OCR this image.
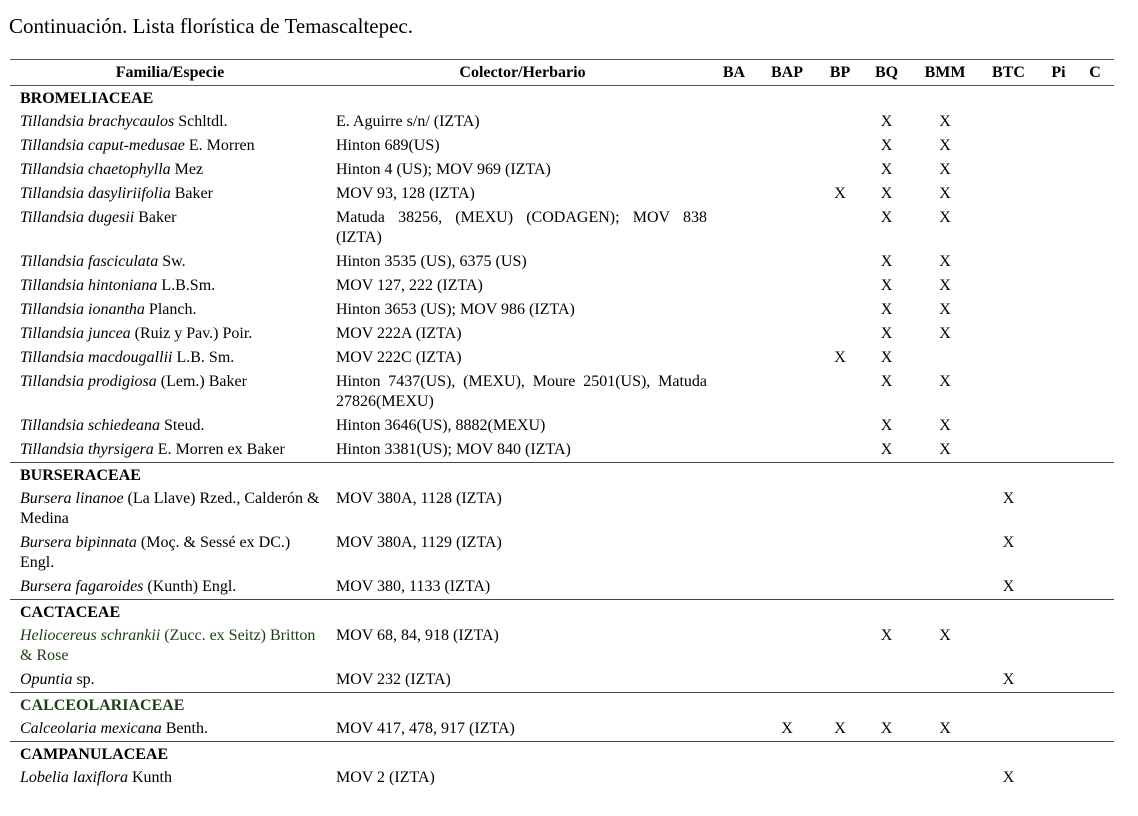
Continuación. Lista florística de Temascaltepec.
Familia/Especie	Colector/Herbario	BA	BAP	BP	BQ	BMM	BTC	Pi	C
BROMELIACEAE									
Tillandsia brachycaulos Schltdl.	E. Aguirre s/n/ (IZTA)				X	X			
Tillandsia caput-medusae E. Morren	Hinton 689(US)				X	X			
Tillandsia chaetophylla Mez	Hinton 4 (US); MOV 969 (IZTA)				X	X			
Tillandsia dasyliriifolia Baker	MOV 93, 128 (IZTA)			X	X	X			
Tillandsia dugesii Baker	Matuda 38256, (MEXU) (CODAGEN); MOV 838 (IZTA)				X	X			
Tillandsia fasciculata Sw.	Hinton 3535 (US), 6375 (US)				X	X			
Tillandsia hintoniana L.B.Sm.	MOV 127, 222 (IZTA)				X	X			
Tillandsia ionantha Planch.	Hinton 3653 (US); MOV 986 (IZTA)				X	X			
Tillandsia juncea (Ruiz y Pav.) Poir.	MOV 222A (IZTA)				X	X			
Tillandsia macdougallii L.B. Sm.	MOV 222C (IZTA)			X	X				
Tillandsia prodigiosa (Lem.) Baker	Hinton 7437(US), (MEXU), Moure 2501(US), Matuda 27826(MEXU)				X	X			
Tillandsia schiedeana Steud.	Hinton 3646(US), 8882(MEXU)				X	X			
Tillandsia thyrsigera E. Morren ex Baker	Hinton 3381(US); MOV 840 (IZTA)				X	X			
BURSERACEAE									
Bursera linanoe (La Llave) Rzed., Calderón & Medina	MOV 380A, 1128 (IZTA)						X		
Bursera bipinnata (Moç. & Sessé ex DC.) Engl.	MOV 380A, 1129 (IZTA)						X		
Bursera fagaroides (Kunth) Engl.	MOV 380, 1133 (IZTA)						X		
CACTACEAE									
Heliocereus schrankii (Zucc. ex Seitz) Britton & Rose	MOV 68, 84, 918 (IZTA)				X	X			
Opuntia sp.	MOV 232 (IZTA)						X		
CALCEOLARIACEAE									
Calceolaria mexicana Benth.	MOV 417, 478, 917 (IZTA)		X	X	X	X			
CAMPANULACEAE									
Lobelia laxiflora Kunth	MOV 2 (IZTA)						X		
